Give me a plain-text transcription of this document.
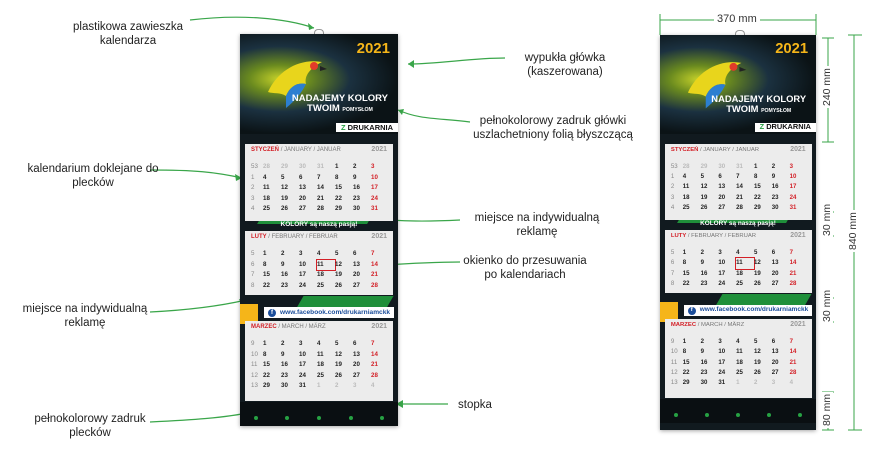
plastikowa zawieszka kalendarza
kalendarium doklejane do plecków
miejsce na indywidualną reklamę
pełnokolorowy zadruk plecków
wypukła główka (kaszerowana)
pełnokolorowy zadruk główki uszlachetniony folią błyszczącą
miejsce na indywidualną reklamę
okienko do przesuwania po kalendariach
stopka
2021
NADAJEMY KOLORY
TWOIM POMYSŁOM
Z DRUKARNIA
STYCZEŃ / JANUARY / JANUAR	2021
53 28	29	30	31	1	2	3
1	4	5	6	7	8	9	10
2	11	12	13	14	15	16	17
3	18	19	20	21	22	23	24
4	25	26	27	28	29	30	31
LUTY / FEBRUARY / FEBRUAR	2021
5	1	2	3	4	5	6	7
6	8	9	10	11	12	13	14
7	15	16	17	18	19	20	21
8	22	23	24	25	26	27	28
MARZEC / MARCH / MÄRZ	2021
9	1	2	3	4	5	6	7
10 8	9	10	11	12	13	14
11 15	16	17	18	19	20	21
12 22	23	24	25	26	27	28
13 29	30	31	1	2	3	4
KOLORY są naszą pasją!
f www.facebook.com/drukarniamckk
2021
NADAJEMY KOLORY
TWOIM POMYSŁOM
Z DRUKARNIA
STYCZEŃ / JANUARY / JANUAR	2021
53 28	29	30	31	1	2	3
1	4	5	6	7	8	9	10
2	11	12	13	14	15	16	17
3	18	19	20	21	22	23	24
4	25	26	27	28	29	30	31
LUTY / FEBRUARY / FEBRUAR	2021
5	1	2	3	4	5	6	7
6	8	9	10	11	12	13	14
7	15	16	17	18	19	20	21
8	22	23	24	25	26	27	28
MARZEC / MARCH / MÄRZ	2021
9	1	2	3	4	5	6	7
10 8	9	10	11	12	13	14
11 15	16	17	18	19	20	21
12 22	23	24	25	26	27	28
13 29	30	31	1	2	3	4
KOLORY są naszą pasją!
f www.facebook.com/drukarniamckk
370 mm
840 mm
240 mm
30 mm
30 mm
80 mm
